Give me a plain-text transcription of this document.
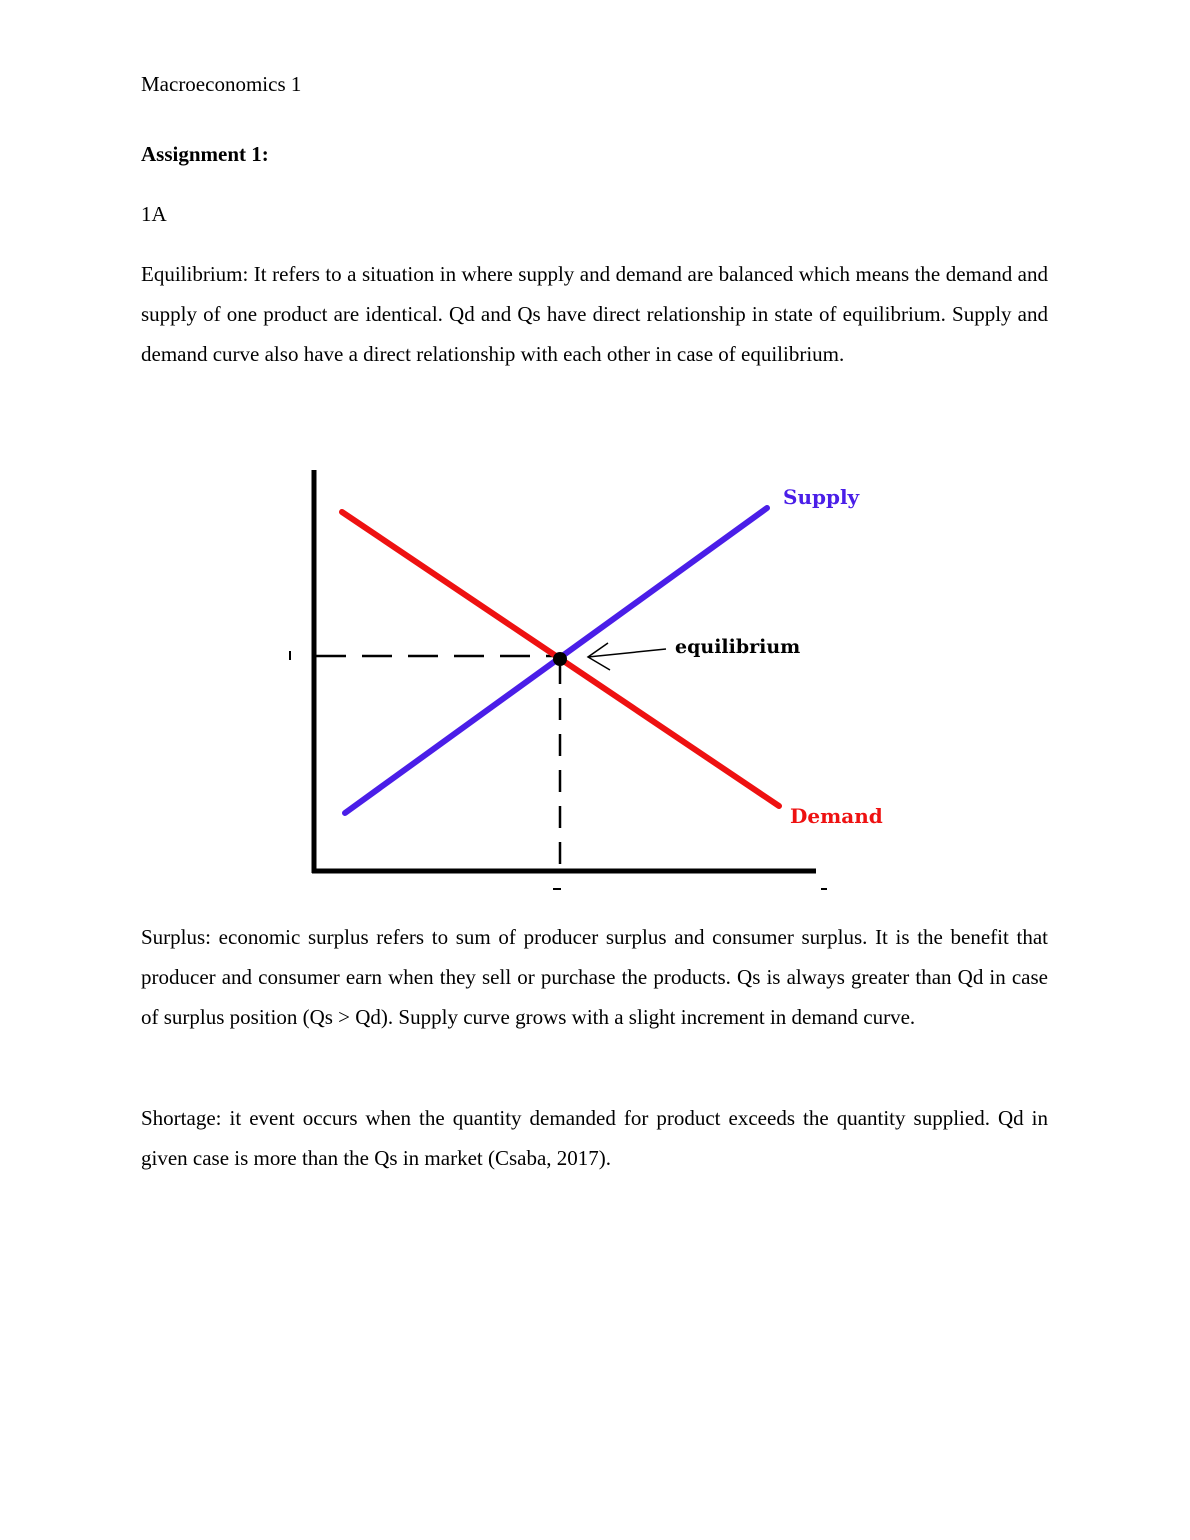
Macroeconomics 1
Assignment 1:
1A

Equilibrium: It refers to a situation in where supply and demand are balanced which means the demand and supply of one product are identical. Qd and Qs have direct relationship in state of equilibrium. Supply and demand curve also have a direct relationship with each other in case of equilibrium.

Surplus: economic surplus refers to sum of producer surplus and consumer surplus. It is the benefit that producer and consumer earn when they sell or purchase the products. Qs is always greater than Qd in case of surplus position (Qs > Qd). Supply curve grows with a slight increment in demand curve.

Shortage: it event occurs when the quantity demanded for product exceeds the quantity supplied. Qd in given case is more than the Qs in market (Csaba, 2017).

Supply
Demand
equilibrium
